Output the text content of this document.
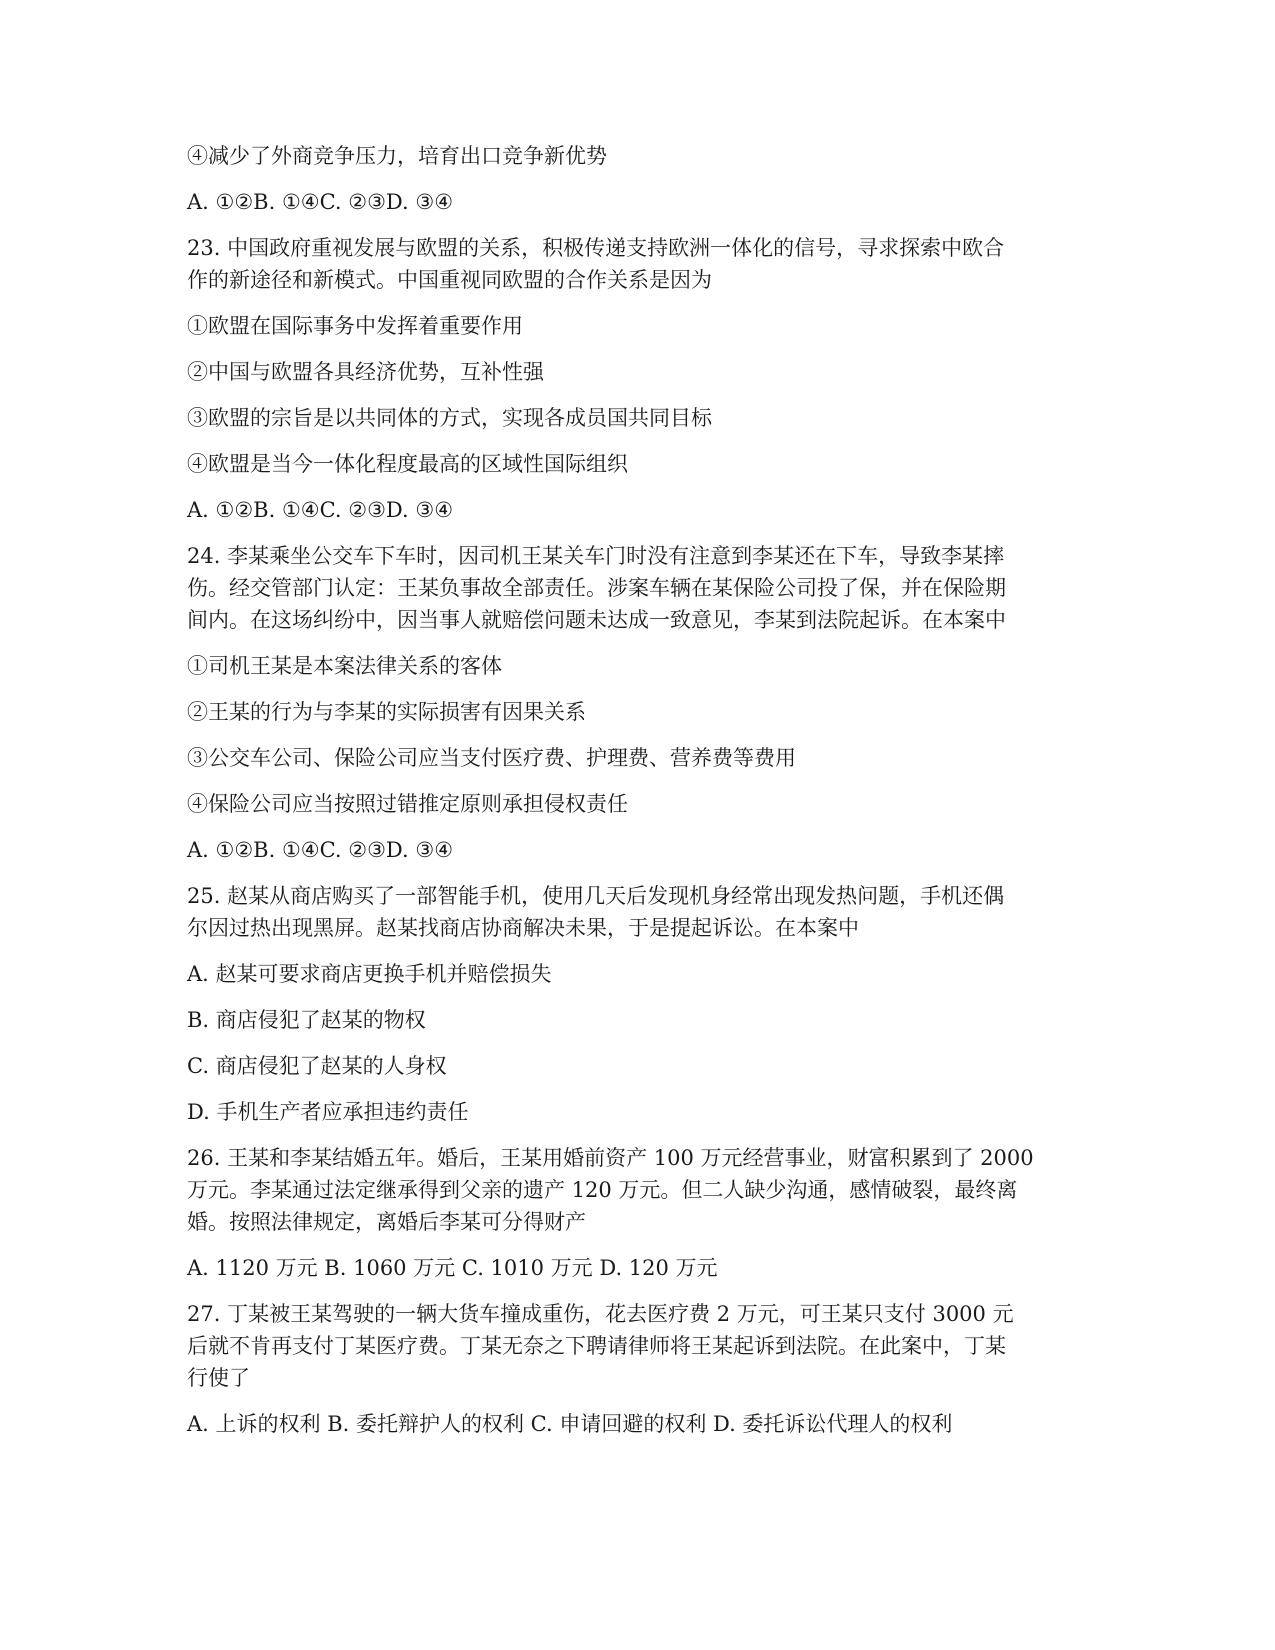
④减少了外商竞争压力，培育出口竞争新优势

A. ①②B. ①④C. ②③D. ③④

23. 中国政府重视发展与欧盟的关系，积极传递支持欧洲一体化的信号，寻求探索中欧合

作的新途径和新模式。中国重视同欧盟的合作关系是因为

①欧盟在国际事务中发挥着重要作用

②中国与欧盟各具经济优势，互补性强

③欧盟的宗旨是以共同体的方式，实现各成员国共同目标

④欧盟是当今一体化程度最高的区域性国际组织

A. ①②B. ①④C. ②③D. ③④

24. 李某乘坐公交车下车时，因司机王某关车门时没有注意到李某还在下车，导致李某摔

伤。经交管部门认定：王某负事故全部责任。涉案车辆在某保险公司投了保，并在保险期

间内。在这场纠纷中，因当事人就赔偿问题未达成一致意见，李某到法院起诉。在本案中

①司机王某是本案法律关系的客体

②王某的行为与李某的实际损害有因果关系

③公交车公司、保险公司应当支付医疗费、护理费、营养费等费用

④保险公司应当按照过错推定原则承担侵权责任

A. ①②B. ①④C. ②③D. ③④

25. 赵某从商店购买了一部智能手机，使用几天后发现机身经常出现发热问题，手机还偶

尔因过热出现黑屏。赵某找商店协商解决未果，于是提起诉讼。在本案中

A. 赵某可要求商店更换手机并赔偿损失

B. 商店侵犯了赵某的物权

C. 商店侵犯了赵某的人身权

D. 手机生产者应承担违约责任

26. 王某和李某结婚五年。婚后，王某用婚前资产 100 万元经营事业，财富积累到了 2000

万元。李某通过法定继承得到父亲的遗产 120 万元。但二人缺少沟通，感情破裂，最终离

婚。按照法律规定，离婚后李某可分得财产

A. 1120 万元 B. 1060 万元 C. 1010 万元 D. 120 万元

27. 丁某被王某驾驶的一辆大货车撞成重伤，花去医疗费 2 万元，可王某只支付 3000 元

后就不肯再支付丁某医疗费。丁某无奈之下聘请律师将王某起诉到法院。在此案中，丁某

行使了

A. 上诉的权利 B. 委托辩护人的权利 C. 申请回避的权利 D. 委托诉讼代理人的权利
